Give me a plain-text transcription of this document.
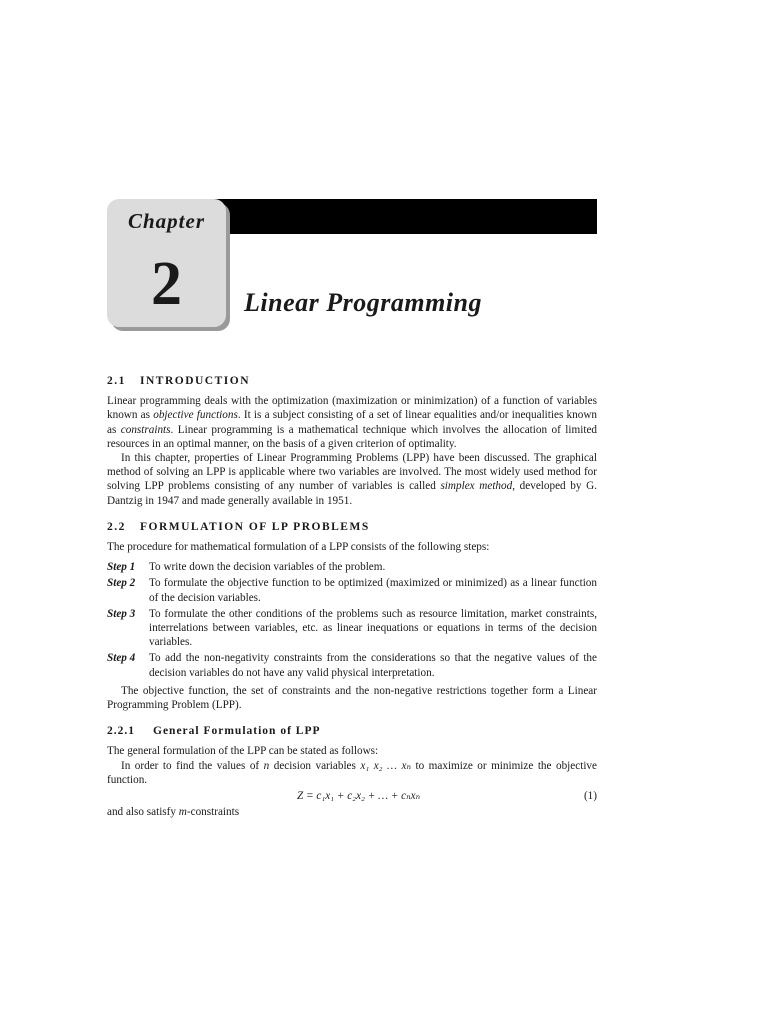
Chapter
2	Linear Programming
2.1 INTRODUCTION

Linear programming deals with the optimization (maximization or minimization) of a function of variables known as objective functions. It is a subject consisting of a set of linear equalities and/or inequalities known as constraints. Linear programming is a mathematical technique which involves the allocation of limited resources in an optimal manner, on the basis of a given criterion of optimality.

In this chapter, properties of Linear Programming Problems (LPP) have been discussed. The graphical method of solving an LPP is applicable where two variables are involved. The most widely used method for solving LPP problems consisting of any number of variables is called simplex method, developed by G. Dantzig in 1947 and made generally available in 1951.

2.2 FORMULATION OF LP PROBLEMS

The procedure for mathematical formulation of a LPP consists of the following steps:

Step 1	To write down the decision variables of the problem.
Step 2	To formulate the objective function to be optimized (maximized or minimized) as a linear function of the decision variables.
Step 3	To formulate the other conditions of the problems such as resource limitation, market constraints, interrelations between variables, etc. as linear inequations or equations in terms of the decision variables.
Step 4	To add the non-negativity constraints from the considerations so that the negative values of the decision variables do not have any valid physical interpretation.

The objective function, the set of constraints and the non-negative restrictions together form a Linear Programming Problem (LPP).

2.2.1 General Formulation of LPP

The general formulation of the LPP can be stated as follows:

In order to find the values of n decision variables x₁ x₂ … xₙ to maximize or minimize the objective function.

Z = c₁x₁ + c₂x₂ + … + cₙxₙ	(1)

and also satisfy m-constraints
